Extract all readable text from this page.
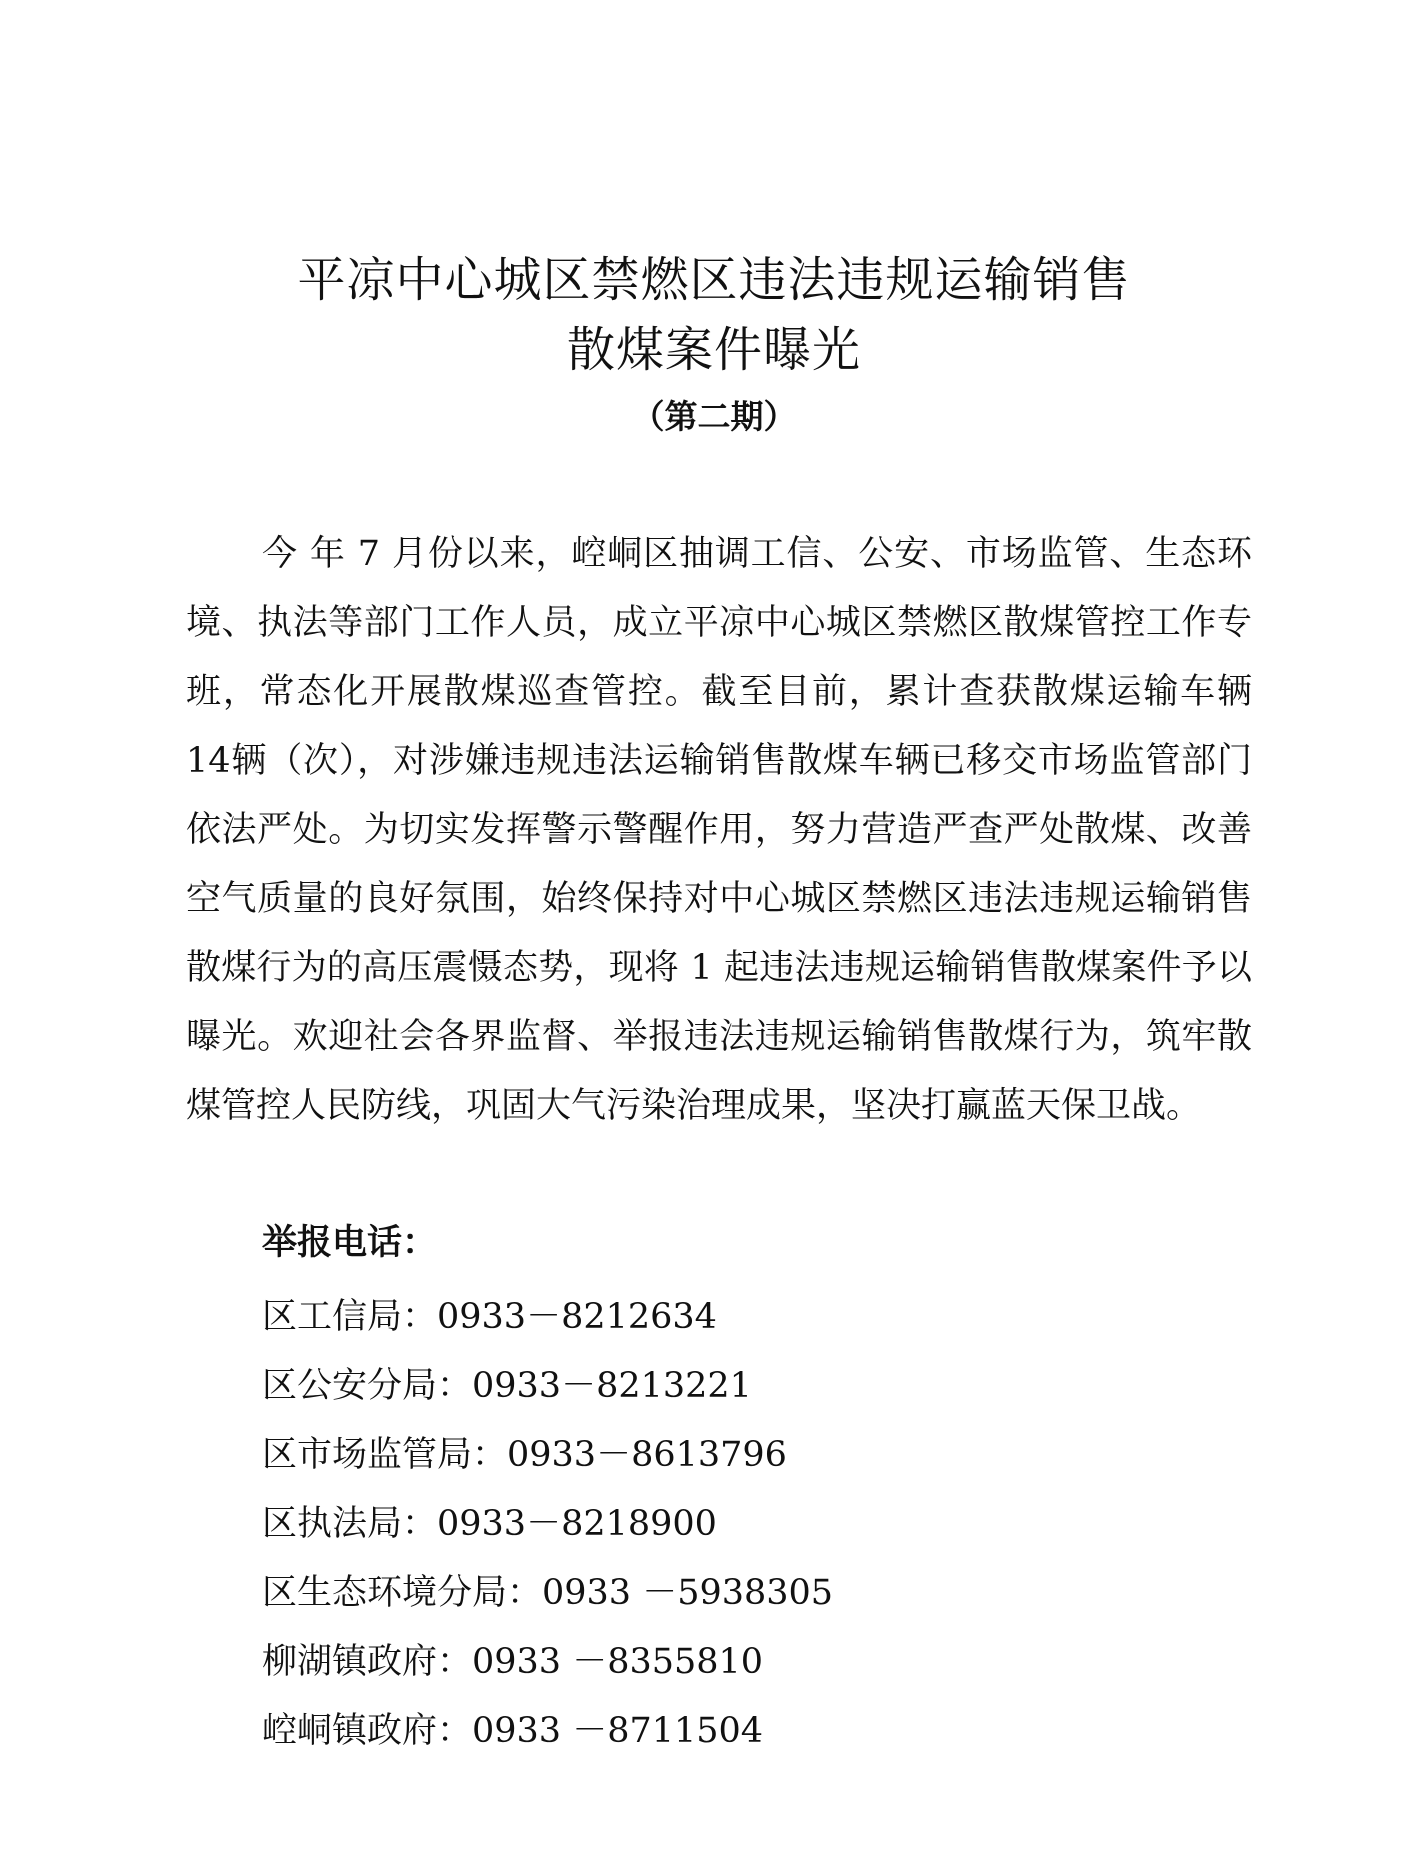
平凉中心城区禁燃区违法违规运输销售
散煤案件曝光
（第二期）

今 年 7 月份以来，崆峒区抽调工信、公安、市场监管、生态环境、执法等部门工作人员，成立平凉中心城区禁燃区散煤管控工作专班，常态化开展散煤巡查管控。截至目前，累计查获散煤运输车辆 14辆（次），对涉嫌违规违法运输销售散煤车辆已移交市场监管部门依法严处。为切实发挥警示警醒作用，努力营造严查严处散煤、改善空气质量的良好氛围，始终保持对中心城区禁燃区违法违规运输销售散煤行为的高压震慑态势，现将 1 起违法违规运输销售散煤案件予以曝光。欢迎社会各界监督、举报违法违规运输销售散煤行为，筑牢散煤管控人民防线，巩固大气污染治理成果，坚决打赢蓝天保卫战。

举报电话：
区工信局：0933－8212634
区公安分局：0933－8213221
区市场监管局：0933－8613796
区执法局：0933－8218900
区生态环境分局：0933 －5938305
柳湖镇政府：0933 －8355810
崆峒镇政府：0933 －8711504
